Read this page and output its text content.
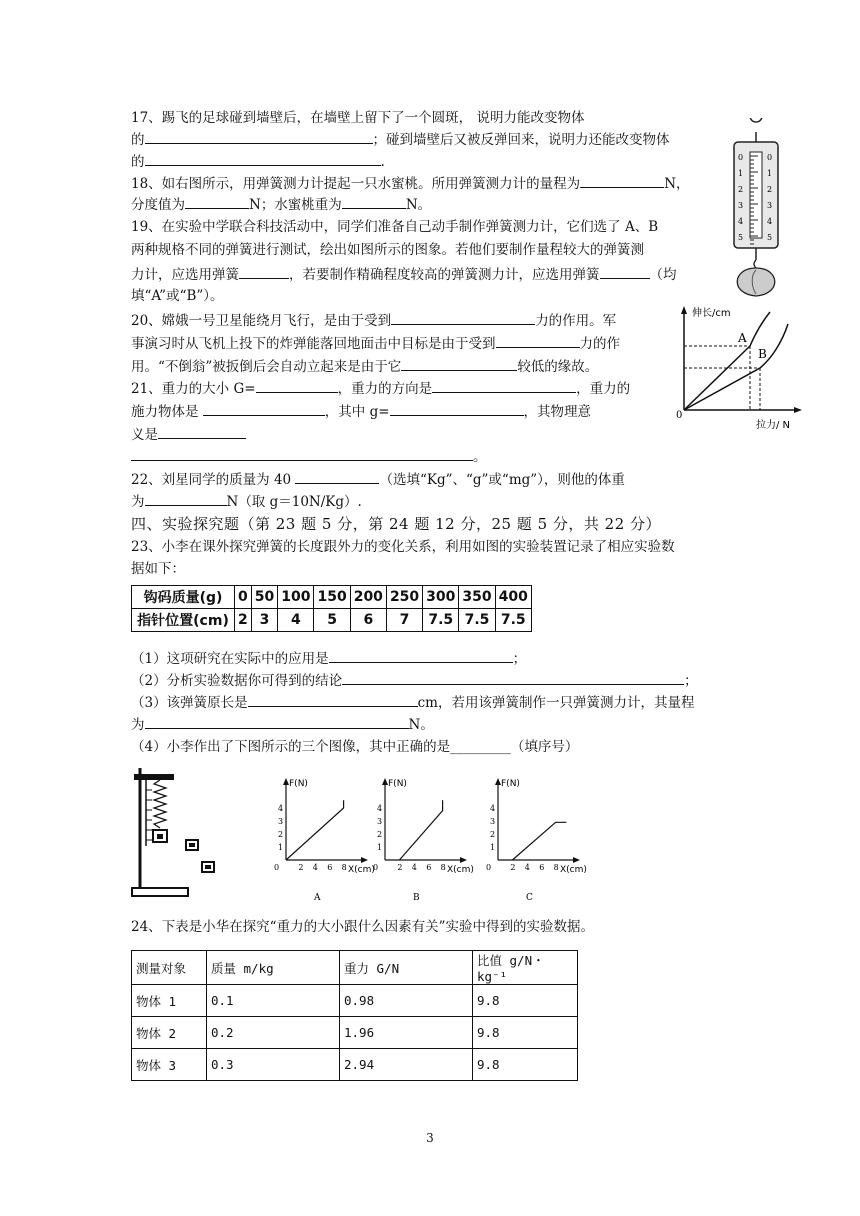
17、踢飞的足球碰到墙壁后，在墙壁上留下了一个圆斑， 说明力能改变物体
的	；碰到墙壁后又被反弹回来，说明力还能改变物体
的	.
18、如右图所示，用弹簧测力计提起一只水蜜桃。所用弹簧测力计的量程为	N，
分度值为	N；水蜜桃重为	N。
19、在实验中学联合科技活动中，同学们准备自己动手制作弹簧测力计，它们选了 A、B
两种规格不同的弹簧进行测试，绘出如图所示的图象。若他们要制作量程较大的弹簧测
力计，应选用弹簧	，若要制作精确程度较高的弹簧测力计，应选用弹簧	（均
填“A”或“B”）。
0	0
1	1
2	2
3	3
4	4
5	5
伸长/cm
拉力/ N
0
A
B
20、嫦娥一号卫星能绕月飞行，是由于受到	力的作用。军
事演习时从飞机上投下的炸弹能落回地面击中目标是由于受到	力的作
用。“不倒翁”被扳倒后会自动立起来是由于它	较低的缘故。
21、重力的大小 G=	，重力的方向是	，重力的
施力物体是	，其中 g=	，其物理意
义是
。
22、刘星同学的质量为 40	（选填“Kg”、“g”或“mg”），则他的体重
为	N（取 g＝10N/Kg）.
四、实验探究题（第 23 题 5 分，第 24 题 12 分，25 题 5 分，共 22 分）
23、小李在课外探究弹簧的长度跟外力的变化关系，利用如图的实验装置记录了相应实验数
据如下：
钩码质量(g)	0	50	100	150	200	250	300	350	400
指针位置(cm)	2	3	4	5	6	7	7.5	7.5	7.5
（1）这项研究在实际中的应用是	；
（2）分析实验数据你可得到的结论	；
（3）该弹簧原长是	cm，若用该弹簧制作一只弹簧测力计，其量程
为	N。
（4）小李作出了下图所示的三个图像，其中正确的是_________（填序号）
F(N)
X(cm)
1
2
3
4
0 2 4 6 8
A
F(N)
X(cm)
1
2
3
4
0 2 4 6 8
B
F(N)
X(cm)
1
2
3
4
0 2 4 6 8
C
24、下表是小华在探究“重力的大小跟什么因素有关”实验中得到的实验数据。
测量对象	质量 m/kg	重力 G/N	比值 g/N・kg⁻¹
物体 1	0.1	0.98	9.8
物体 2	0.2	1.96	9.8
物体 3	0.3	2.94	9.8
3
